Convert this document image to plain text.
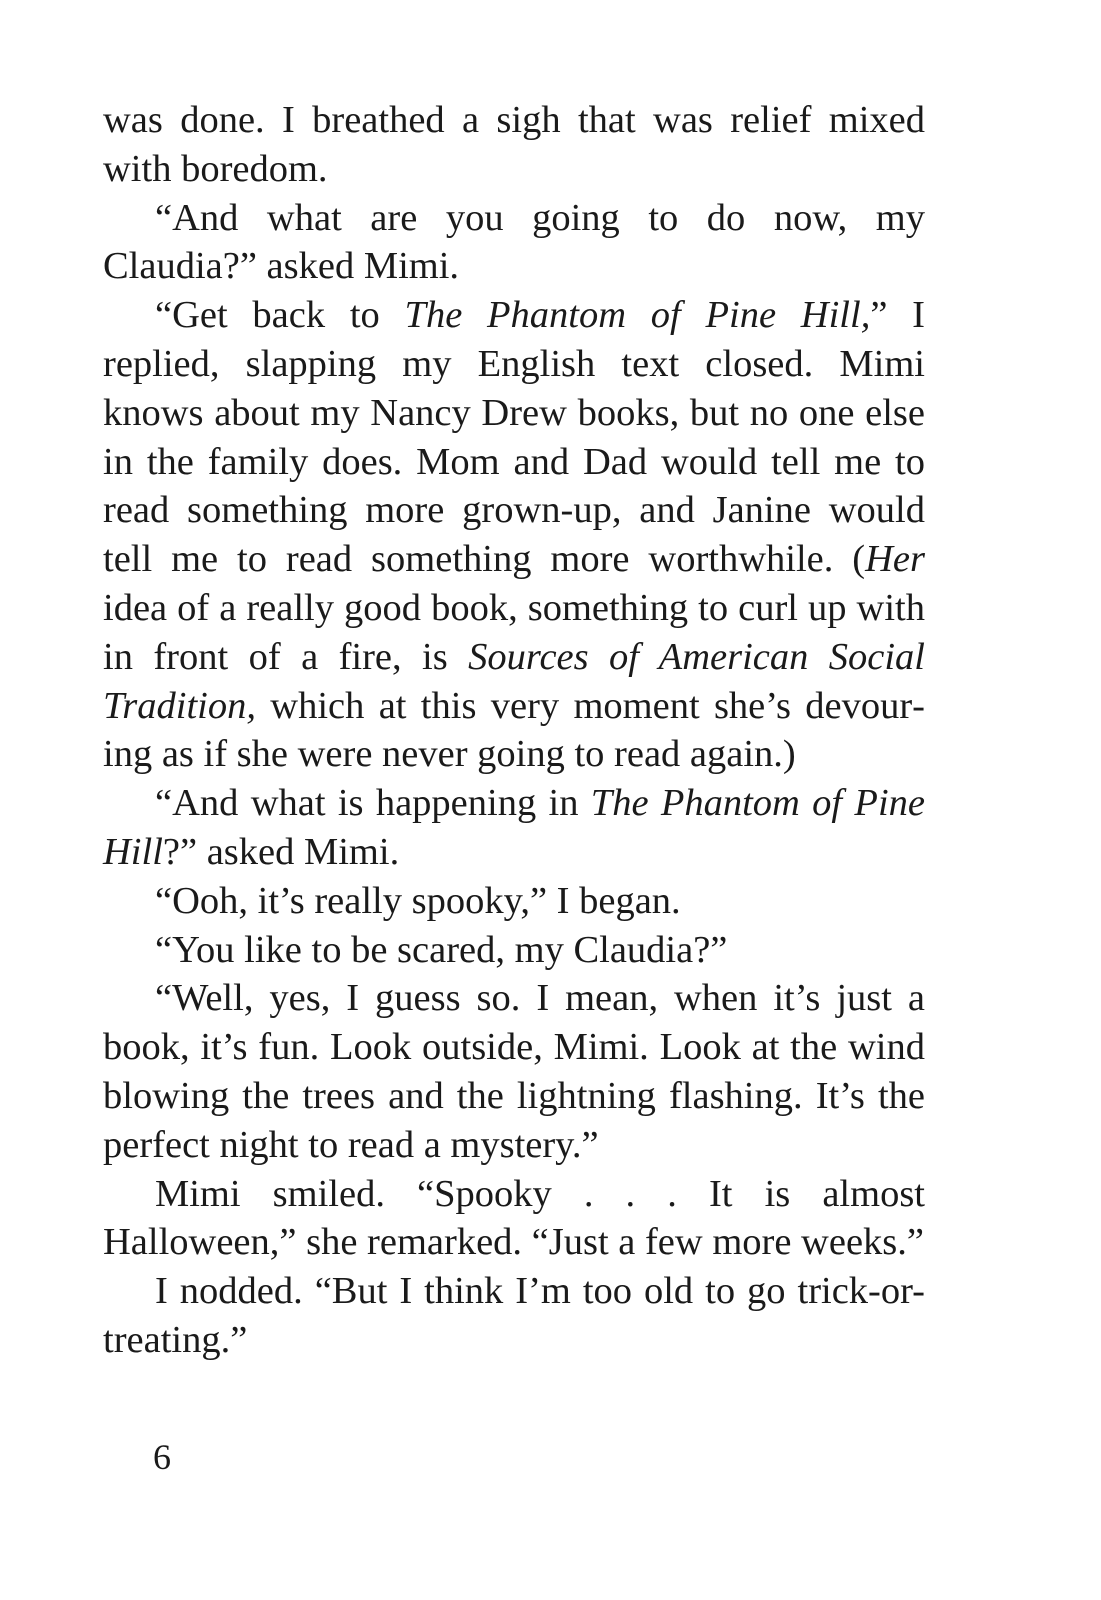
was done. I breathed a sigh that was relief mixed with boredom.

“And what are you going to do now, my Claudia?” asked Mimi.

“Get back to The Phantom of Pine Hill,” I replied, slapping my English text closed. Mimi knows about my Nancy Drew books, but no one else in the family does. Mom and Dad would tell me to read something more grown-up, and Janine would tell me to read something more worthwhile. (Her idea of a really good book, something to curl up with in front of a fire, is Sources of American Social Tradition, which at this very moment she’s devouring as if she were never going to read again.)

“And what is happening in The Phantom of Pine Hill?” asked Mimi.

“Ooh, it’s really spooky,” I began.

“You like to be scared, my Claudia?”

“Well, yes, I guess so. I mean, when it’s just a book, it’s fun. Look outside, Mimi. Look at the wind blowing the trees and the lightning flashing. It’s the perfect night to read a mystery.”

Mimi smiled. “Spooky . . . It is almost Halloween,” she remarked. “Just a few more weeks.”

I nodded. “But I think I’m too old to go trick-or-treating.”

6
